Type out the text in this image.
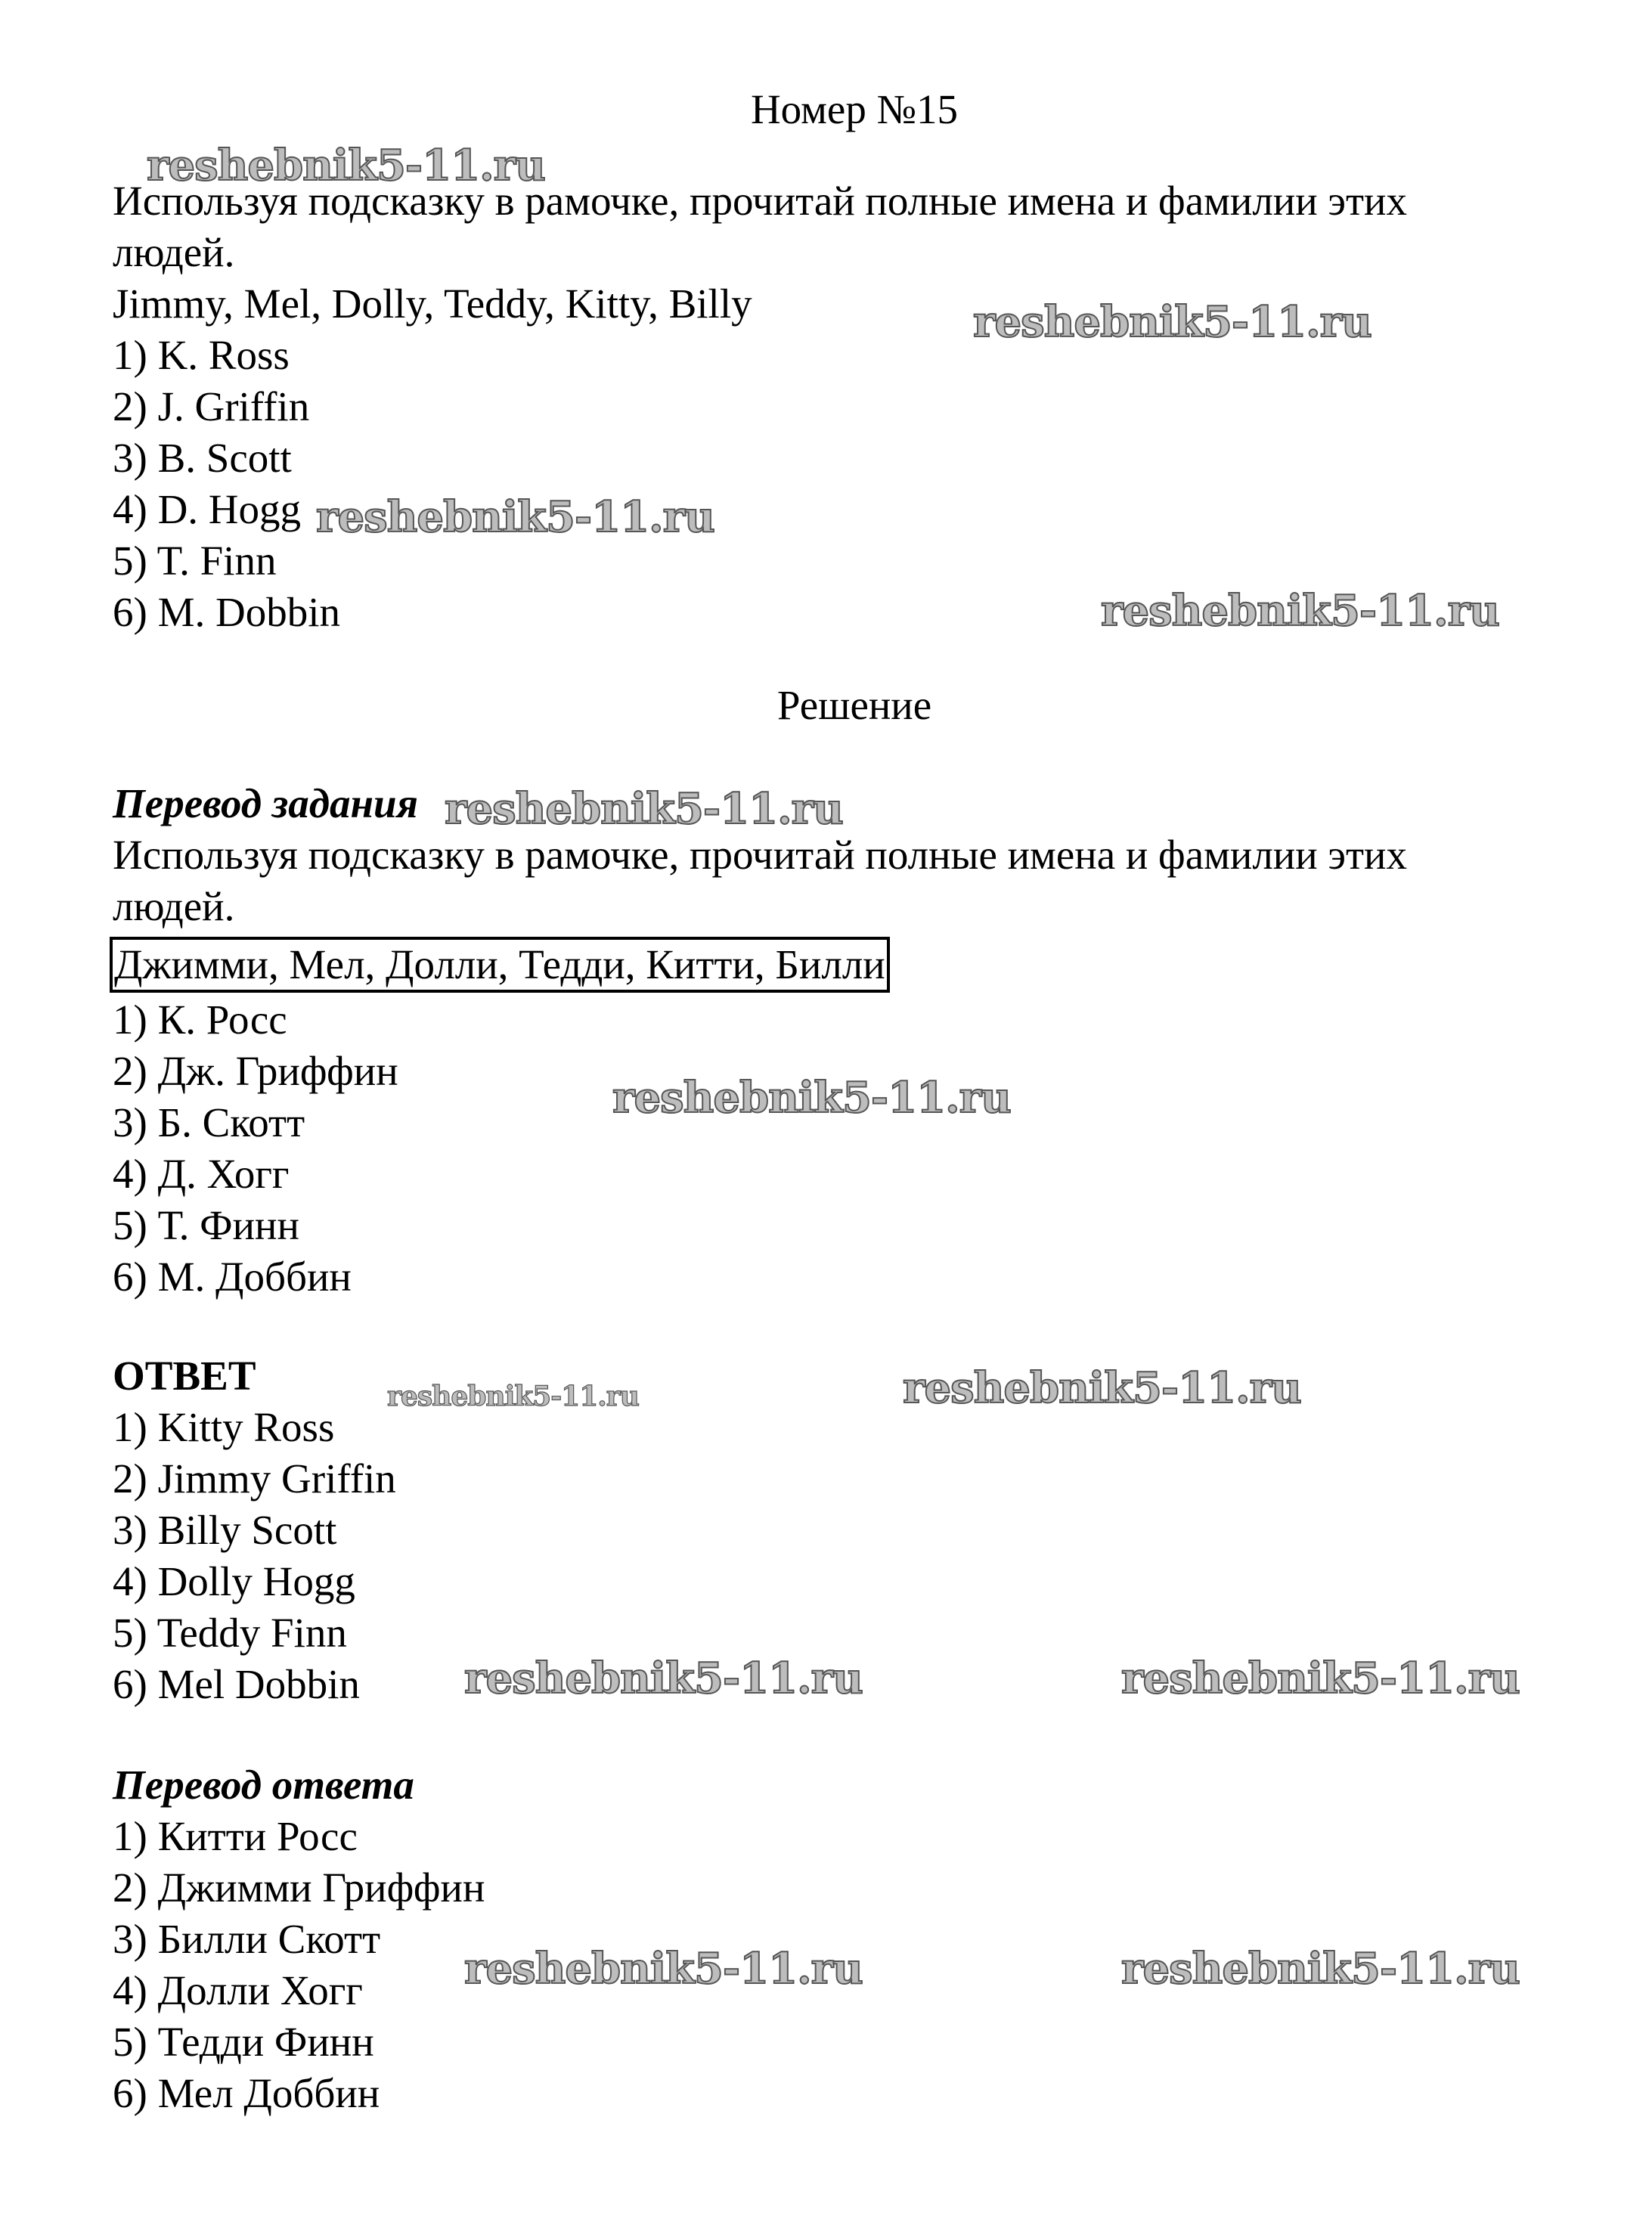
reshebnik5-11.ru
reshebnik5-11.ru
reshebnik5-11.ru
reshebnik5-11.ru
reshebnik5-11.ru
reshebnik5-11.ru
reshebnik5-11.ru
reshebnik5-11.ru
reshebnik5-11.ru	reshebnik5-11.ru
reshebnik5-11.ru	reshebnik5-11.ru
Номер №15
Используя подсказку в рамочке, прочитай полные имена и фамилии этих
людей.
Jimmy, Mel, Dolly, Teddy, Kitty, Billy
1) K. Ross
2) J. Griffin
3) B. Scott
4) D. Hogg
5) T. Finn
6) M. Dobbin
Решение
Перевод задания
Используя подсказку в рамочке, прочитай полные имена и фамилии этих
людей.
Джимми, Мел, Долли, Тедди, Китти, Билли
1) К. Росс
2) Дж. Гриффин
3) Б. Скотт
4) Д. Хогг
5) Т. Финн
6) М. Доббин
ОТВЕТ
1) Kitty Ross
2) Jimmy Griffin
3) Billy Scott
4) Dolly Hogg
5) Teddy Finn
6) Mel Dobbin
Перевод ответа
1) Китти Росс
2) Джимми Гриффин
3) Билли Скотт
4) Долли Хогг
5) Тедди Финн
6) Мел Доббин
